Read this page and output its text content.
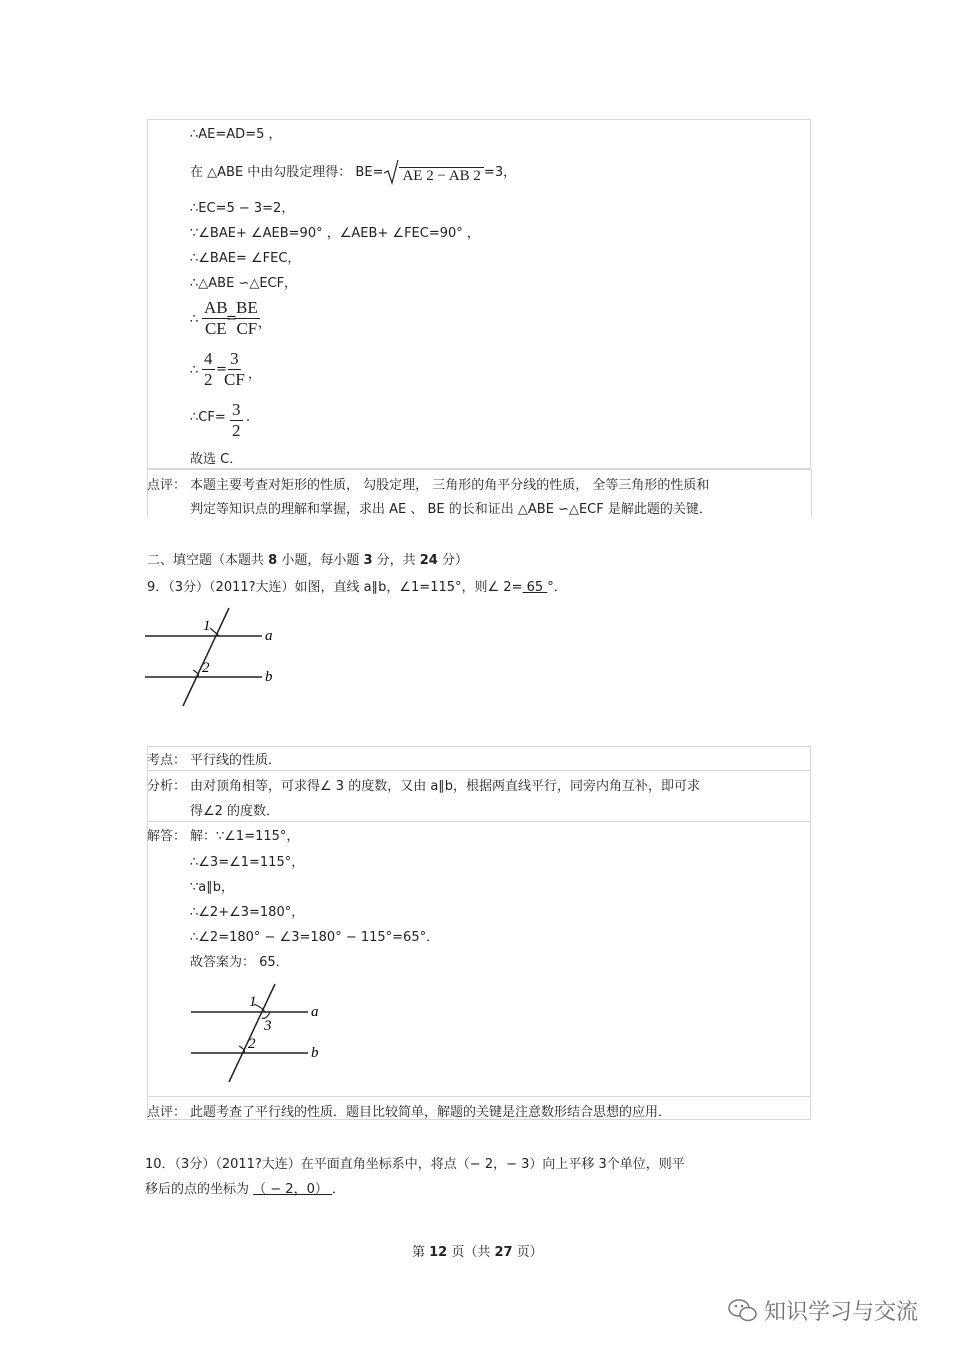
∴AE=AD=5 ，
在 △ABE 中由勾股定理得： BE= AE 2 − AB 2 =3，
∴EC=5 − 3=2，
∵∠BAE+ ∠AEB=90° ，∠AEB+ ∠FEC=90° ，
∴∠BAE= ∠FEC，
∴△ABE ∽△ECF，
∴ $\frac{AB}{CE}$
=
$\frac{BE}{CF}$
，
∴ $\frac{4}{2}$ =
$\frac{3}{CF}$ ，
∴CF= $\frac{3}{2}$ .
故选 C．
点评： 本题主要考查对矩形的性质， 勾股定理， 三角形的角平分线的性质， 全等三角形的性质和
判定等知识点的理解和掌握，求出 AE 、 BE 的长和证出 △ABE ∽△ECF 是解此题的关键．
二、填空题（本题共 8 小题，每小题 3 分，共 24 分）
9．（3分）（2011?大连）如图，直线 a∥b，∠1=115°，则∠ 2= 65 °．
1
2
a
b
考点： 平行线的性质．
分析： 由对顶角相等，可求得∠ 3 的度数，又由 a∥b，根据两直线平行，同旁内角互补，即可求
得∠2 的度数．
解答： 解：∵∠1=115°，
∴∠3=∠1=115°，
∵a∥b，
∴∠2+∠3=180°，
∴∠2=180° − ∠3=180° − 115°=65°．
故答案为： 65．
1
3
2
a
b
点评： 此题考查了平行线的性质．题目比较简单，解题的关键是注意数形结合思想的应用．
10．（3分）（2011?大连）在平面直角坐标系中，将点（− 2，− 3）向上平移 3个单位，则平
移后的点的坐标为 （ − 2，0） ．
第 12 页（共 27 页）
知识学习与交流
